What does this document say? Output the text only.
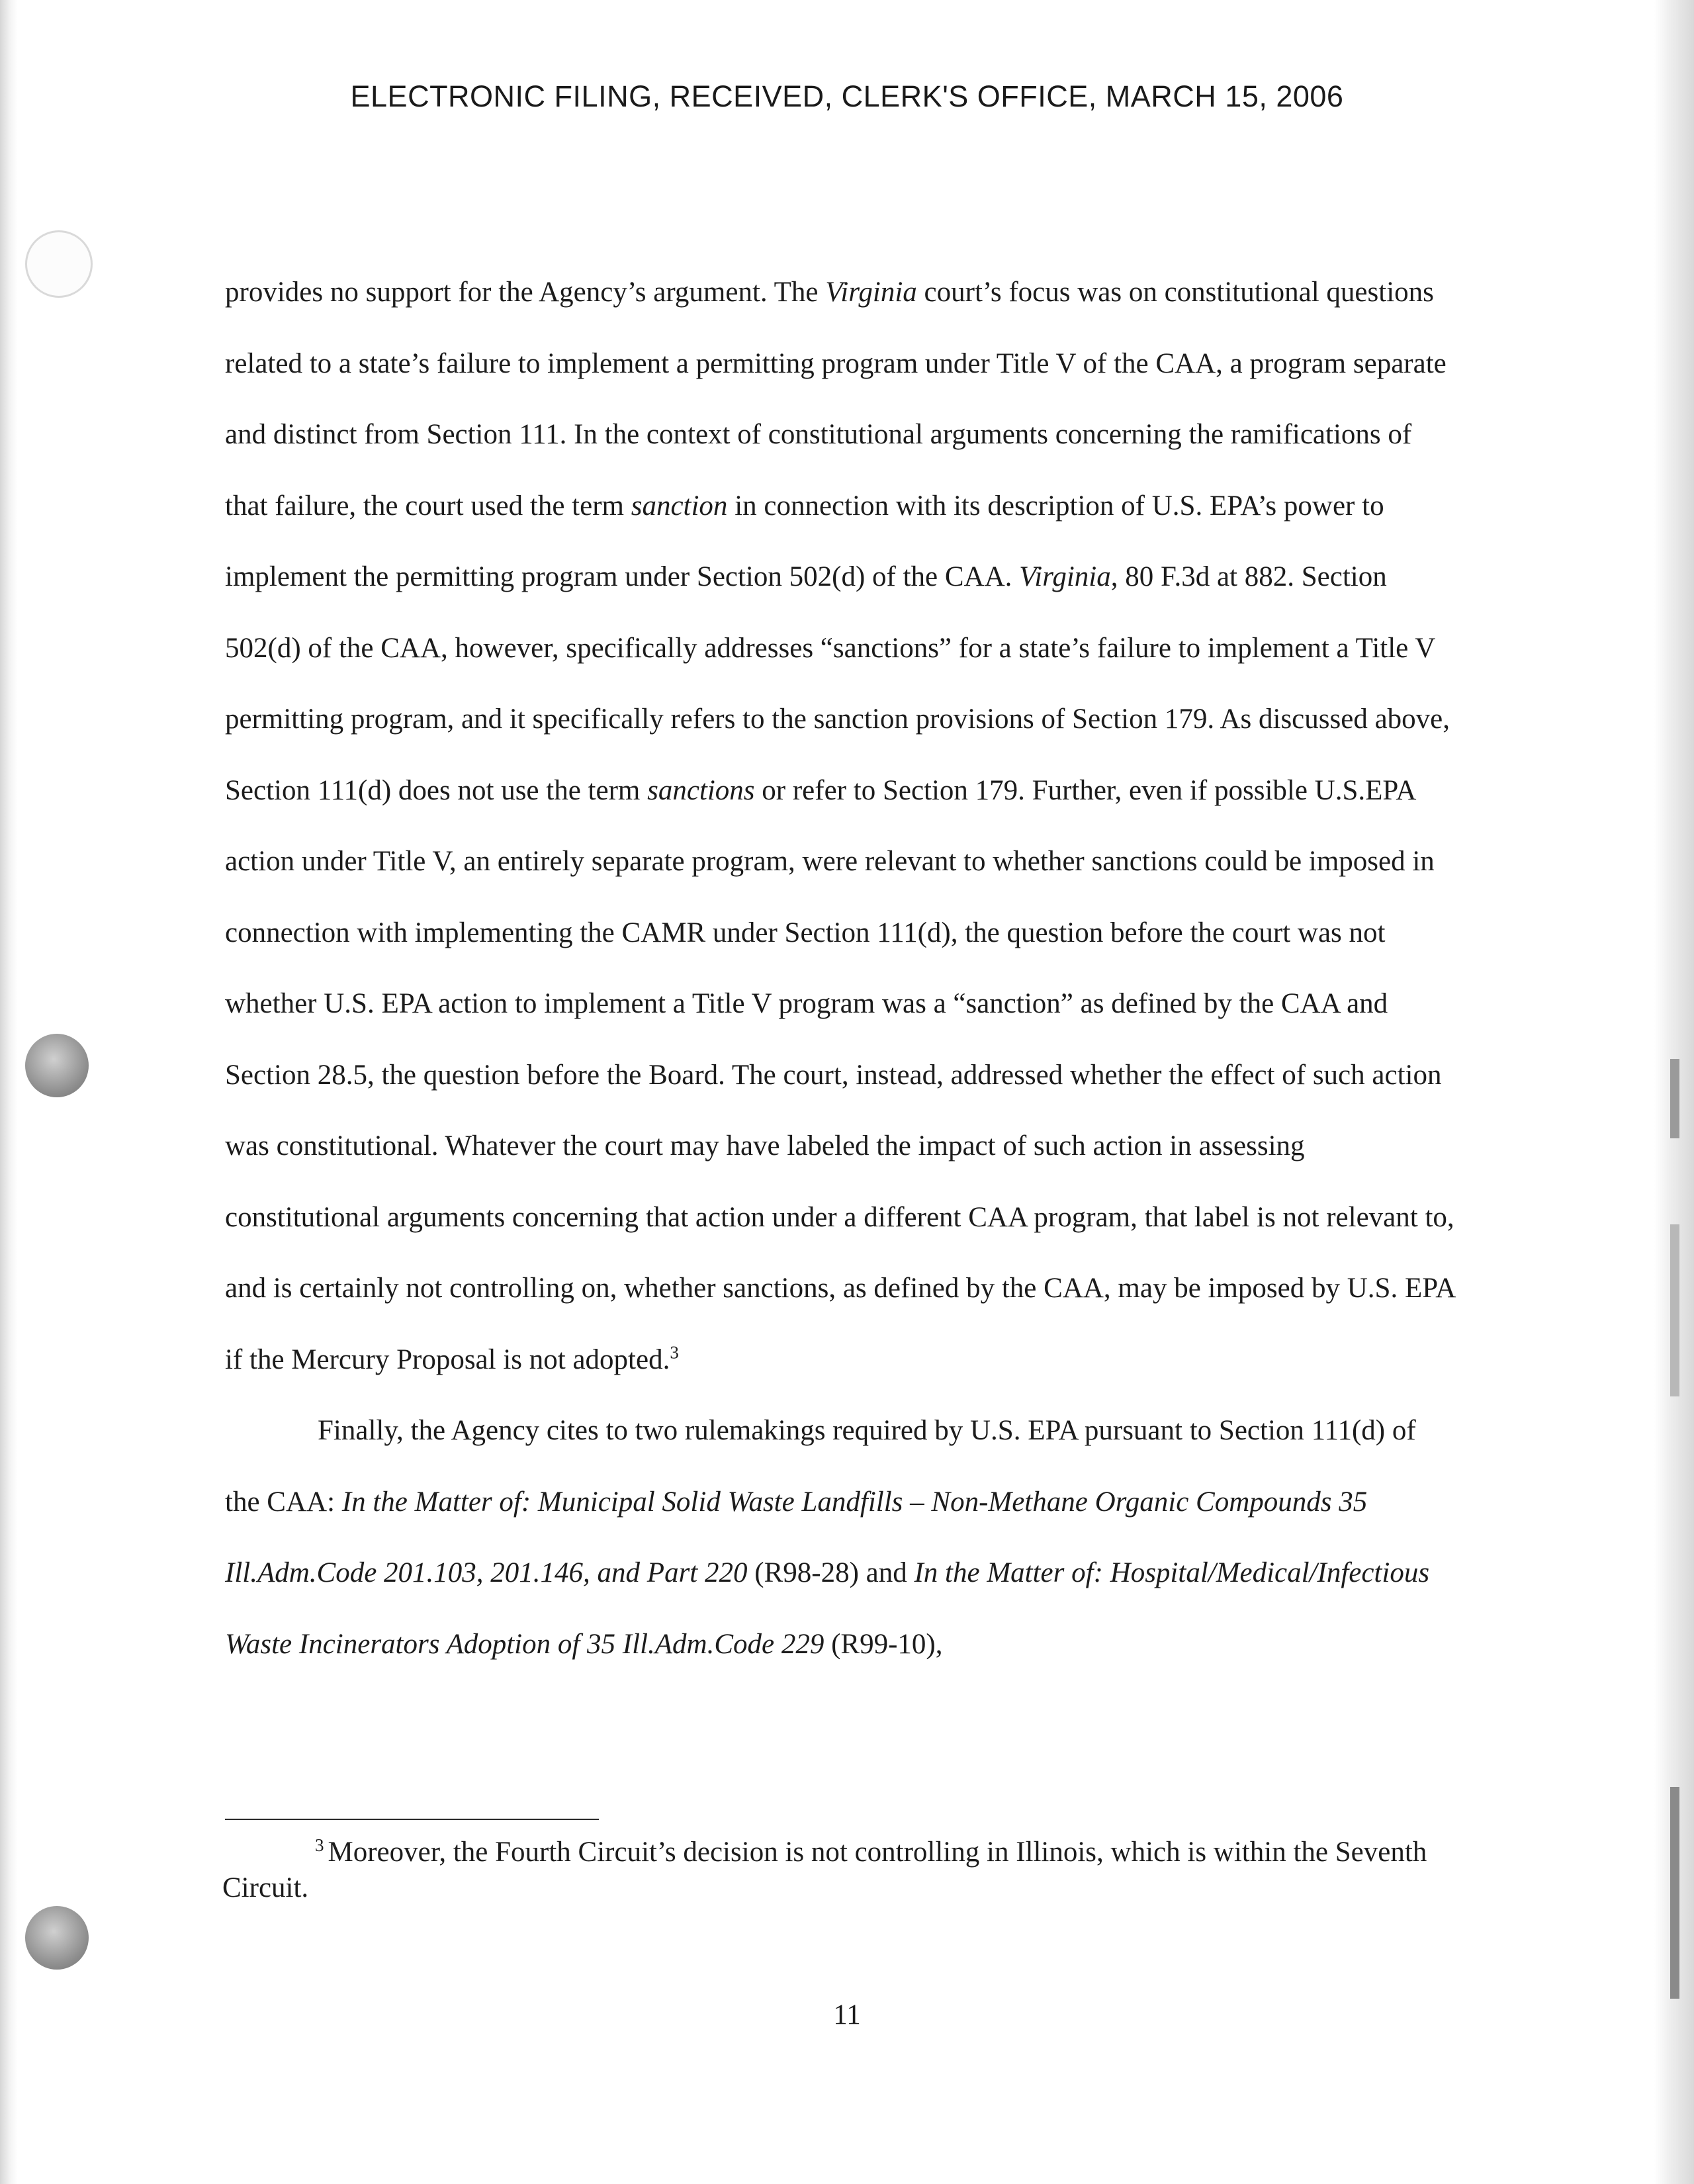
ELECTRONIC FILING, RECEIVED, CLERK'S OFFICE, MARCH 15, 2006

provides no support for the Agency’s argument. The Virginia court’s focus was on constitutional questions related to a state’s failure to implement a permitting program under Title V of the CAA, a program separate and distinct from Section 111. In the context of constitutional arguments concerning the ramifications of that failure, the court used the term sanction in connection with its description of U.S. EPA’s power to implement the permitting program under Section 502(d) of the CAA. Virginia, 80 F.3d at 882. Section 502(d) of the CAA, however, specifically addresses “sanctions” for a state’s failure to implement a Title V permitting program, and it specifically refers to the sanction provisions of Section 179. As discussed above, Section 111(d) does not use the term sanctions or refer to Section 179. Further, even if possible U.S.EPA action under Title V, an entirely separate program, were relevant to whether sanctions could be imposed in connection with implementing the CAMR under Section 111(d), the question before the court was not whether U.S. EPA action to implement a Title V program was a “sanction” as defined by the CAA and Section 28.5, the question before the Board. The court, instead, addressed whether the effect of such action was constitutional. Whatever the court may have labeled the impact of such action in assessing constitutional arguments concerning that action under a different CAA program, that label is not relevant to, and is certainly not controlling on, whether sanctions, as defined by the CAA, may be imposed by U.S. EPA if the Mercury Proposal is not adopted.$^3$

Finally, the Agency cites to two rulemakings required by U.S. EPA pursuant to Section 111(d) of the CAA: In the Matter of: Municipal Solid Waste Landfills – Non-Methane Organic Compounds 35 Ill.Adm.Code 201.103, 201.146, and Part 220 (R98-28) and In the Matter of: Hospital/Medical/Infectious Waste Incinerators Adoption of 35 Ill.Adm.Code 229 (R99-10),

$^3$ Moreover, the Fourth Circuit’s decision is not controlling in Illinois, which is within the Seventh Circuit.

11
